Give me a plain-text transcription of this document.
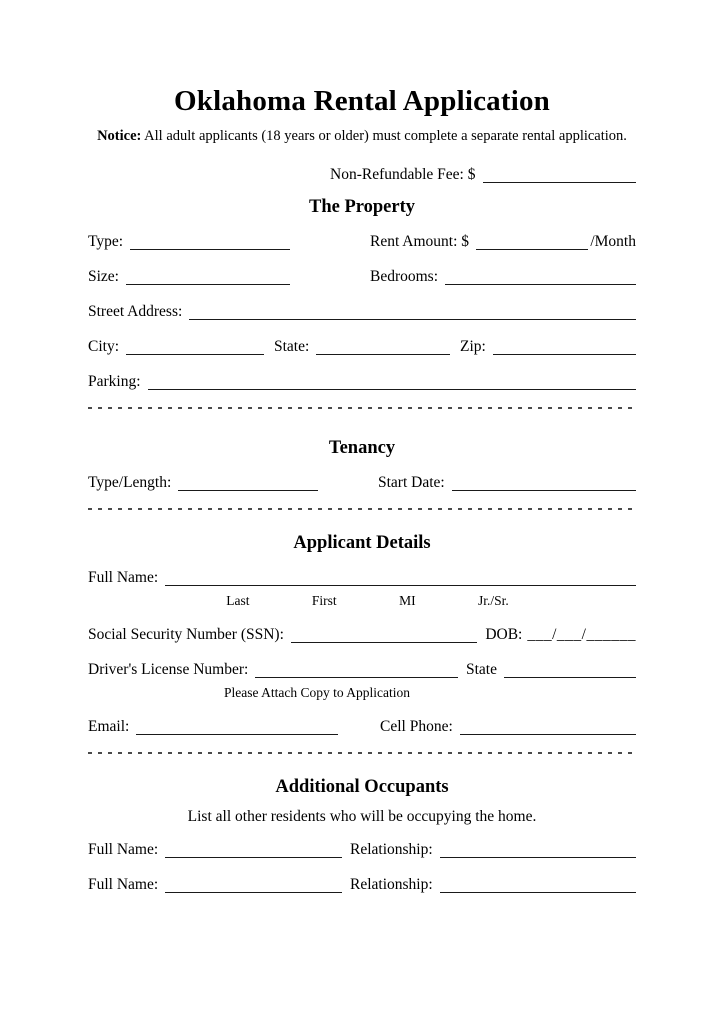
Oklahoma Rental Application
Notice: All adult applicants (18 years or older) must complete a separate rental application.
Non-Refundable Fee: $
The Property
Type:	Rent Amount: $	/Month
Size:	Bedrooms:
Street Address:
City:	State:	Zip:
Parking:
Tenancy
Type/Length:	Start Date:
Applicant Details
Full Name:
Last	First	MI	Jr./Sr.
Social Security Number (SSN):	DOB: ___/___/______
Driver's License Number:	State
Please Attach Copy to Application
Email:	Cell Phone:
Additional Occupants
List all other residents who will be occupying the home.
Full Name:	Relationship:
Full Name:	Relationship:
